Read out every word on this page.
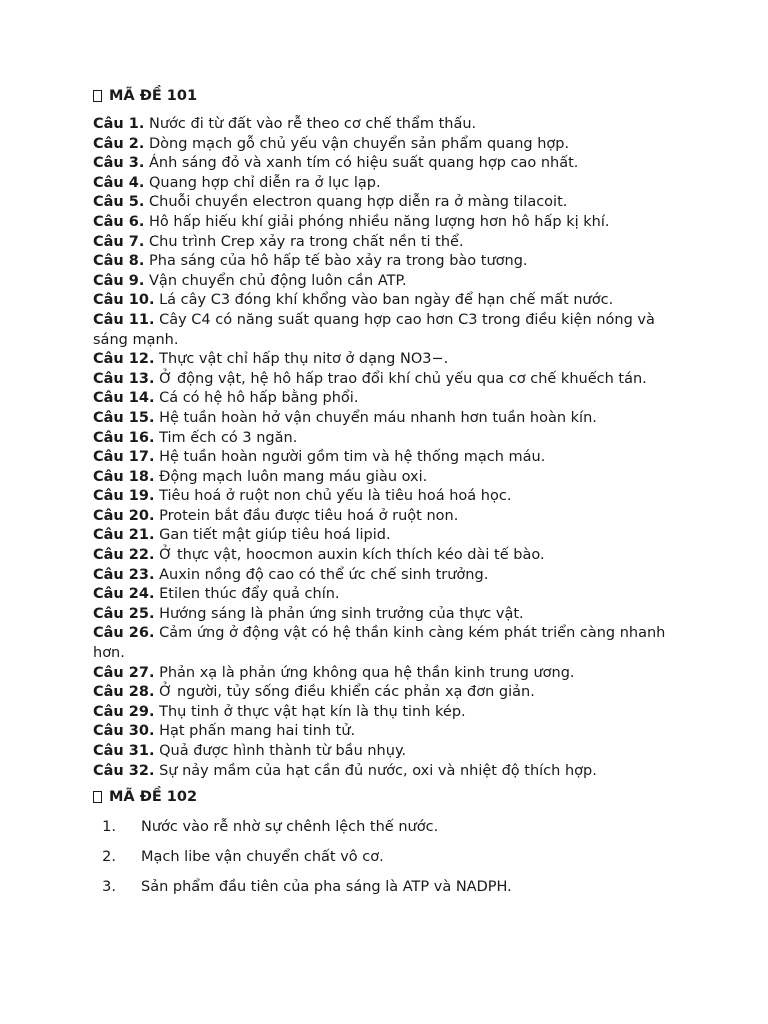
MÃ ĐỀ 101
Câu 1. Nước đi từ đất vào rễ theo cơ chế thẩm thấu.
Câu 2. Dòng mạch gỗ chủ yếu vận chuyển sản phẩm quang hợp.
Câu 3. Ánh sáng đỏ và xanh tím có hiệu suất quang hợp cao nhất.
Câu 4. Quang hợp chỉ diễn ra ở lục lạp.
Câu 5. Chuỗi chuyền electron quang hợp diễn ra ở màng tilacoit.
Câu 6. Hô hấp hiếu khí giải phóng nhiều năng lượng hơn hô hấp kị khí.
Câu 7. Chu trình Crep xảy ra trong chất nền ti thể.
Câu 8. Pha sáng của hô hấp tế bào xảy ra trong bào tương.
Câu 9. Vận chuyển chủ động luôn cần ATP.
Câu 10. Lá cây C3 đóng khí khổng vào ban ngày để hạn chế mất nước.
Câu 11. Cây C4 có năng suất quang hợp cao hơn C3 trong điều kiện nóng và sáng mạnh.
Câu 12. Thực vật chỉ hấp thụ nitơ ở dạng NO3−.
Câu 13. Ở động vật, hệ hô hấp trao đổi khí chủ yếu qua cơ chế khuếch tán.
Câu 14. Cá có hệ hô hấp bằng phổi.
Câu 15. Hệ tuần hoàn hở vận chuyển máu nhanh hơn tuần hoàn kín.
Câu 16. Tim ếch có 3 ngăn.
Câu 17. Hệ tuần hoàn người gồm tim và hệ thống mạch máu.
Câu 18. Động mạch luôn mang máu giàu oxi.
Câu 19. Tiêu hoá ở ruột non chủ yếu là tiêu hoá hoá học.
Câu 20. Protein bắt đầu được tiêu hoá ở ruột non.
Câu 21. Gan tiết mật giúp tiêu hoá lipid.
Câu 22. Ở thực vật, hoocmon auxin kích thích kéo dài tế bào.
Câu 23. Auxin nồng độ cao có thể ức chế sinh trưởng.
Câu 24. Etilen thúc đẩy quả chín.
Câu 25. Hướng sáng là phản ứng sinh trưởng của thực vật.
Câu 26. Cảm ứng ở động vật có hệ thần kinh càng kém phát triển càng nhanh hơn.
Câu 27. Phản xạ là phản ứng không qua hệ thần kinh trung ương.
Câu 28. Ở người, tủy sống điều khiển các phản xạ đơn giản.
Câu 29. Thụ tinh ở thực vật hạt kín là thụ tinh kép.
Câu 30. Hạt phấn mang hai tinh tử.
Câu 31. Quả được hình thành từ bầu nhụy.
Câu 32. Sự nảy mầm của hạt cần đủ nước, oxi và nhiệt độ thích hợp.
MÃ ĐỀ 102
1. Nước vào rễ nhờ sự chênh lệch thế nước.
2. Mạch libe vận chuyển chất vô cơ.
3. Sản phẩm đầu tiên của pha sáng là ATP và NADPH.
